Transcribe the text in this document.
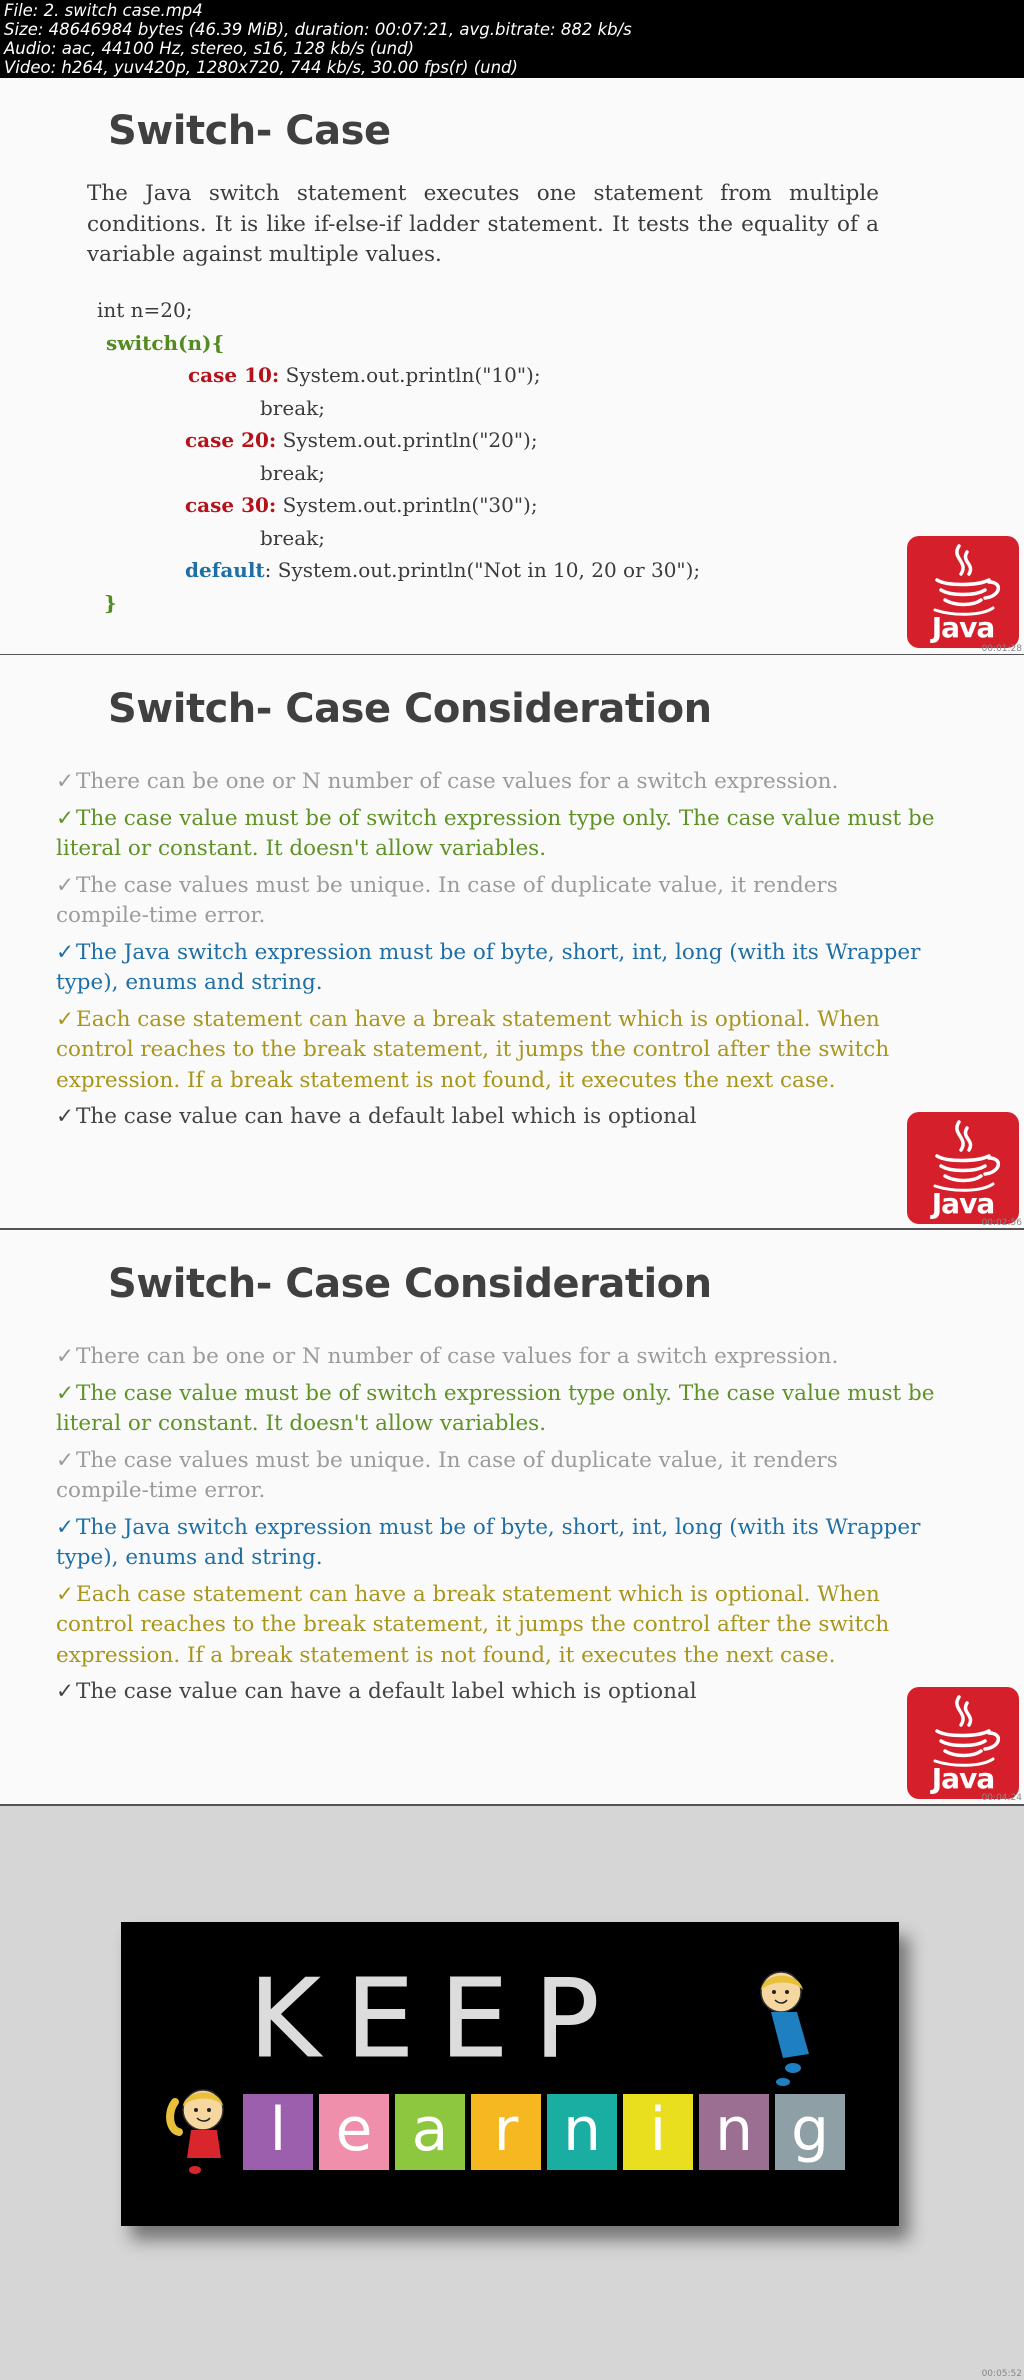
File: 2. switch case.mp4
Size: 48646984 bytes (46.39 MiB), duration: 00:07:21, avg.bitrate: 882 kb/s
Audio: aac, 44100 Hz, stereo, s16, 128 kb/s (und)
Video: h264, yuv420p, 1280x720, 744 kb/s, 30.00 fps(r) (und)
Switch- Case
The Java switch statement executes one statement from multiple conditions. It is like if-else-if ladder statement. It tests the equality of a variable against multiple values.
int n=20;
switch(n){
case 10: System.out.println("10");
break;
case 20: System.out.println("20");
break;
case 30: System.out.println("30");
break;
default: System.out.println("Not in 10, 20 or 30");
}
Java
00:01:28
Switch- Case Consideration
✓There can be one or N number of case values for a switch expression.
✓The case value must be of switch expression type only. The case value must be literal or constant. It doesn't allow variables.
✓The case values must be unique. In case of duplicate value, it renders compile-time error.
✓The Java switch expression must be of byte, short, int, long (with its Wrapper type), enums and string.
✓Each case statement can have a break statement which is optional. When control reaches to the break statement, it jumps the control after the switch expression. If a break statement is not found, it executes the next case.
✓The case value can have a default label which is optional
Java
00:02:56
Switch- Case Consideration
✓There can be one or N number of case values for a switch expression.
✓The case value must be of switch expression type only. The case value must be literal or constant. It doesn't allow variables.
✓The case values must be unique. In case of duplicate value, it renders compile-time error.
✓The Java switch expression must be of byte, short, int, long (with its Wrapper type), enums and string.
✓Each case statement can have a break statement which is optional. When control reaches to the break statement, it jumps the control after the switch expression. If a break statement is not found, it executes the next case.
✓The case value can have a default label which is optional
Java
00:04:24
KEEP
l e a r n i n g
00:05:52
